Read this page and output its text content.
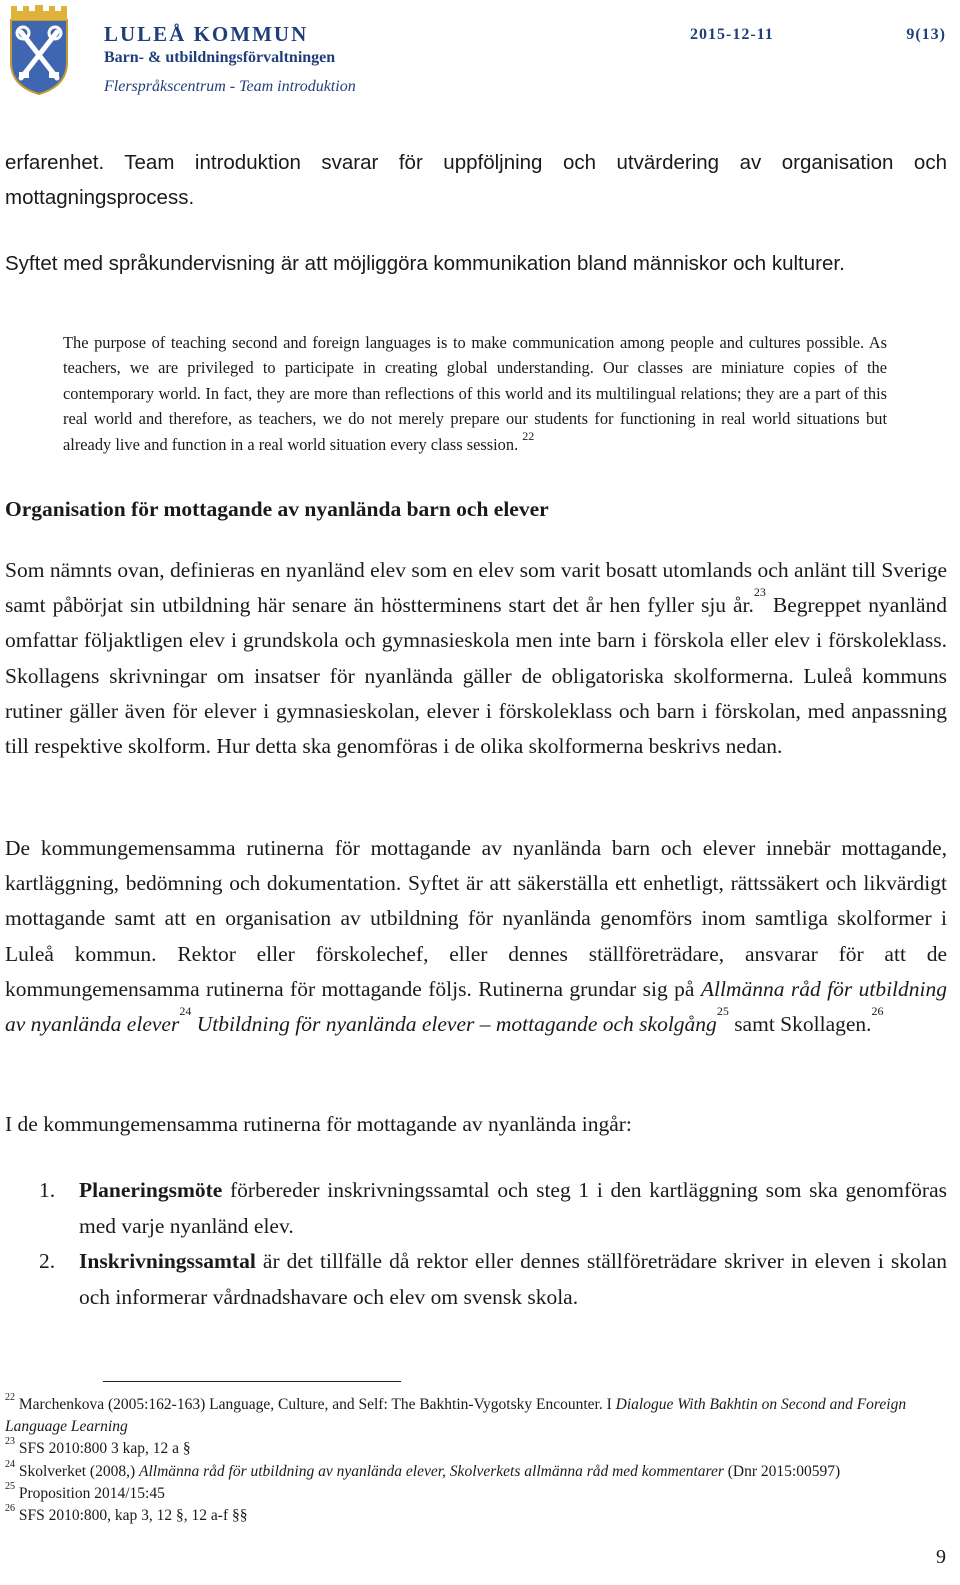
LULEÅ KOMMUN
Barn- & utbildningsförvaltningen
Flerspråkscentrum - Team introduktion
2015-12-11	9(13)

erfarenhet. Team introduktion svarar för uppföljning och utvärdering av organisation och mottagningsprocess.

Syftet med språkundervisning är att möjliggöra kommunikation bland människor och kulturer.

The purpose of teaching second and foreign languages is to make communication among people and cultures possible. As teachers, we are privileged to participate in creating global understanding. Our classes are miniature copies of the contemporary world. In fact, they are more than reflections of this world and its multilingual relations; they are a part of this real world and therefore, as teachers, we do not merely prepare our students for functioning in real world situations but already live and function in a real world situation every class session. $^{22}$

Organisation för mottagande av nyanlända barn och elever

Som nämnts ovan, definieras en nyanländ elev som en elev som varit bosatt utomlands och anlänt till Sverige samt påbörjat sin utbildning här senare än höstterminens start det år hen fyller sju år.$^{23}$ Begreppet nyanländ omfattar följaktligen elev i grundskola och gymnasieskola men inte barn i förskola eller elev i förskoleklass. Skollagens skrivningar om insatser för nyanlända gäller de obligatoriska skolformerna. Luleå kommuns rutiner gäller även för elever i gymnasieskolan, elever i förskoleklass och barn i förskolan, med anpassning till respektive skolform. Hur detta ska genomföras i de olika skolformerna beskrivs nedan.

De kommungemensamma rutinerna för mottagande av nyanlända barn och elever innebär mottagande, kartläggning, bedömning och dokumentation. Syftet är att säkerställa ett enhetligt, rättssäkert och likvärdigt mottagande samt att en organisation av utbildning för nyanlända genomförs inom samtliga skolformer i Luleå kommun. Rektor eller förskolechef, eller dennes ställföreträdare, ansvarar för att de kommungemensamma rutinerna för mottagande följs. Rutinerna grundar sig på Allmänna råd för utbildning av nyanlända elever$^{24}$ Utbildning för nyanlända elever – mottagande och skolgång$^{25}$ samt Skollagen.$^{26}$

I de kommungemensamma rutinerna för mottagande av nyanlända ingår:

1. Planeringsmöte förbereder inskrivningssamtal och steg 1 i den kartläggning som ska genomföras med varje nyanländ elev.
2. Inskrivningssamtal är det tillfälle då rektor eller dennes ställföreträdare skriver in eleven i skolan och informerar vårdnadshavare och elev om svensk skola.
$^{22}$ Marchenkova (2005:162-163) Language, Culture, and Self: The Bakhtin-Vygotsky Encounter. I Dialogue With Bakhtin on Second and Foreign Language Learning
$^{23}$ SFS 2010:800 3 kap, 12 a §
$^{24}$ Skolverket (2008,) Allmänna råd för utbildning av nyanlända elever, Skolverkets allmänna råd med kommentarer (Dnr 2015:00597)
$^{25}$ Proposition 2014/15:45
$^{26}$ SFS 2010:800, kap 3, 12 §, 12 a-f §§
9
